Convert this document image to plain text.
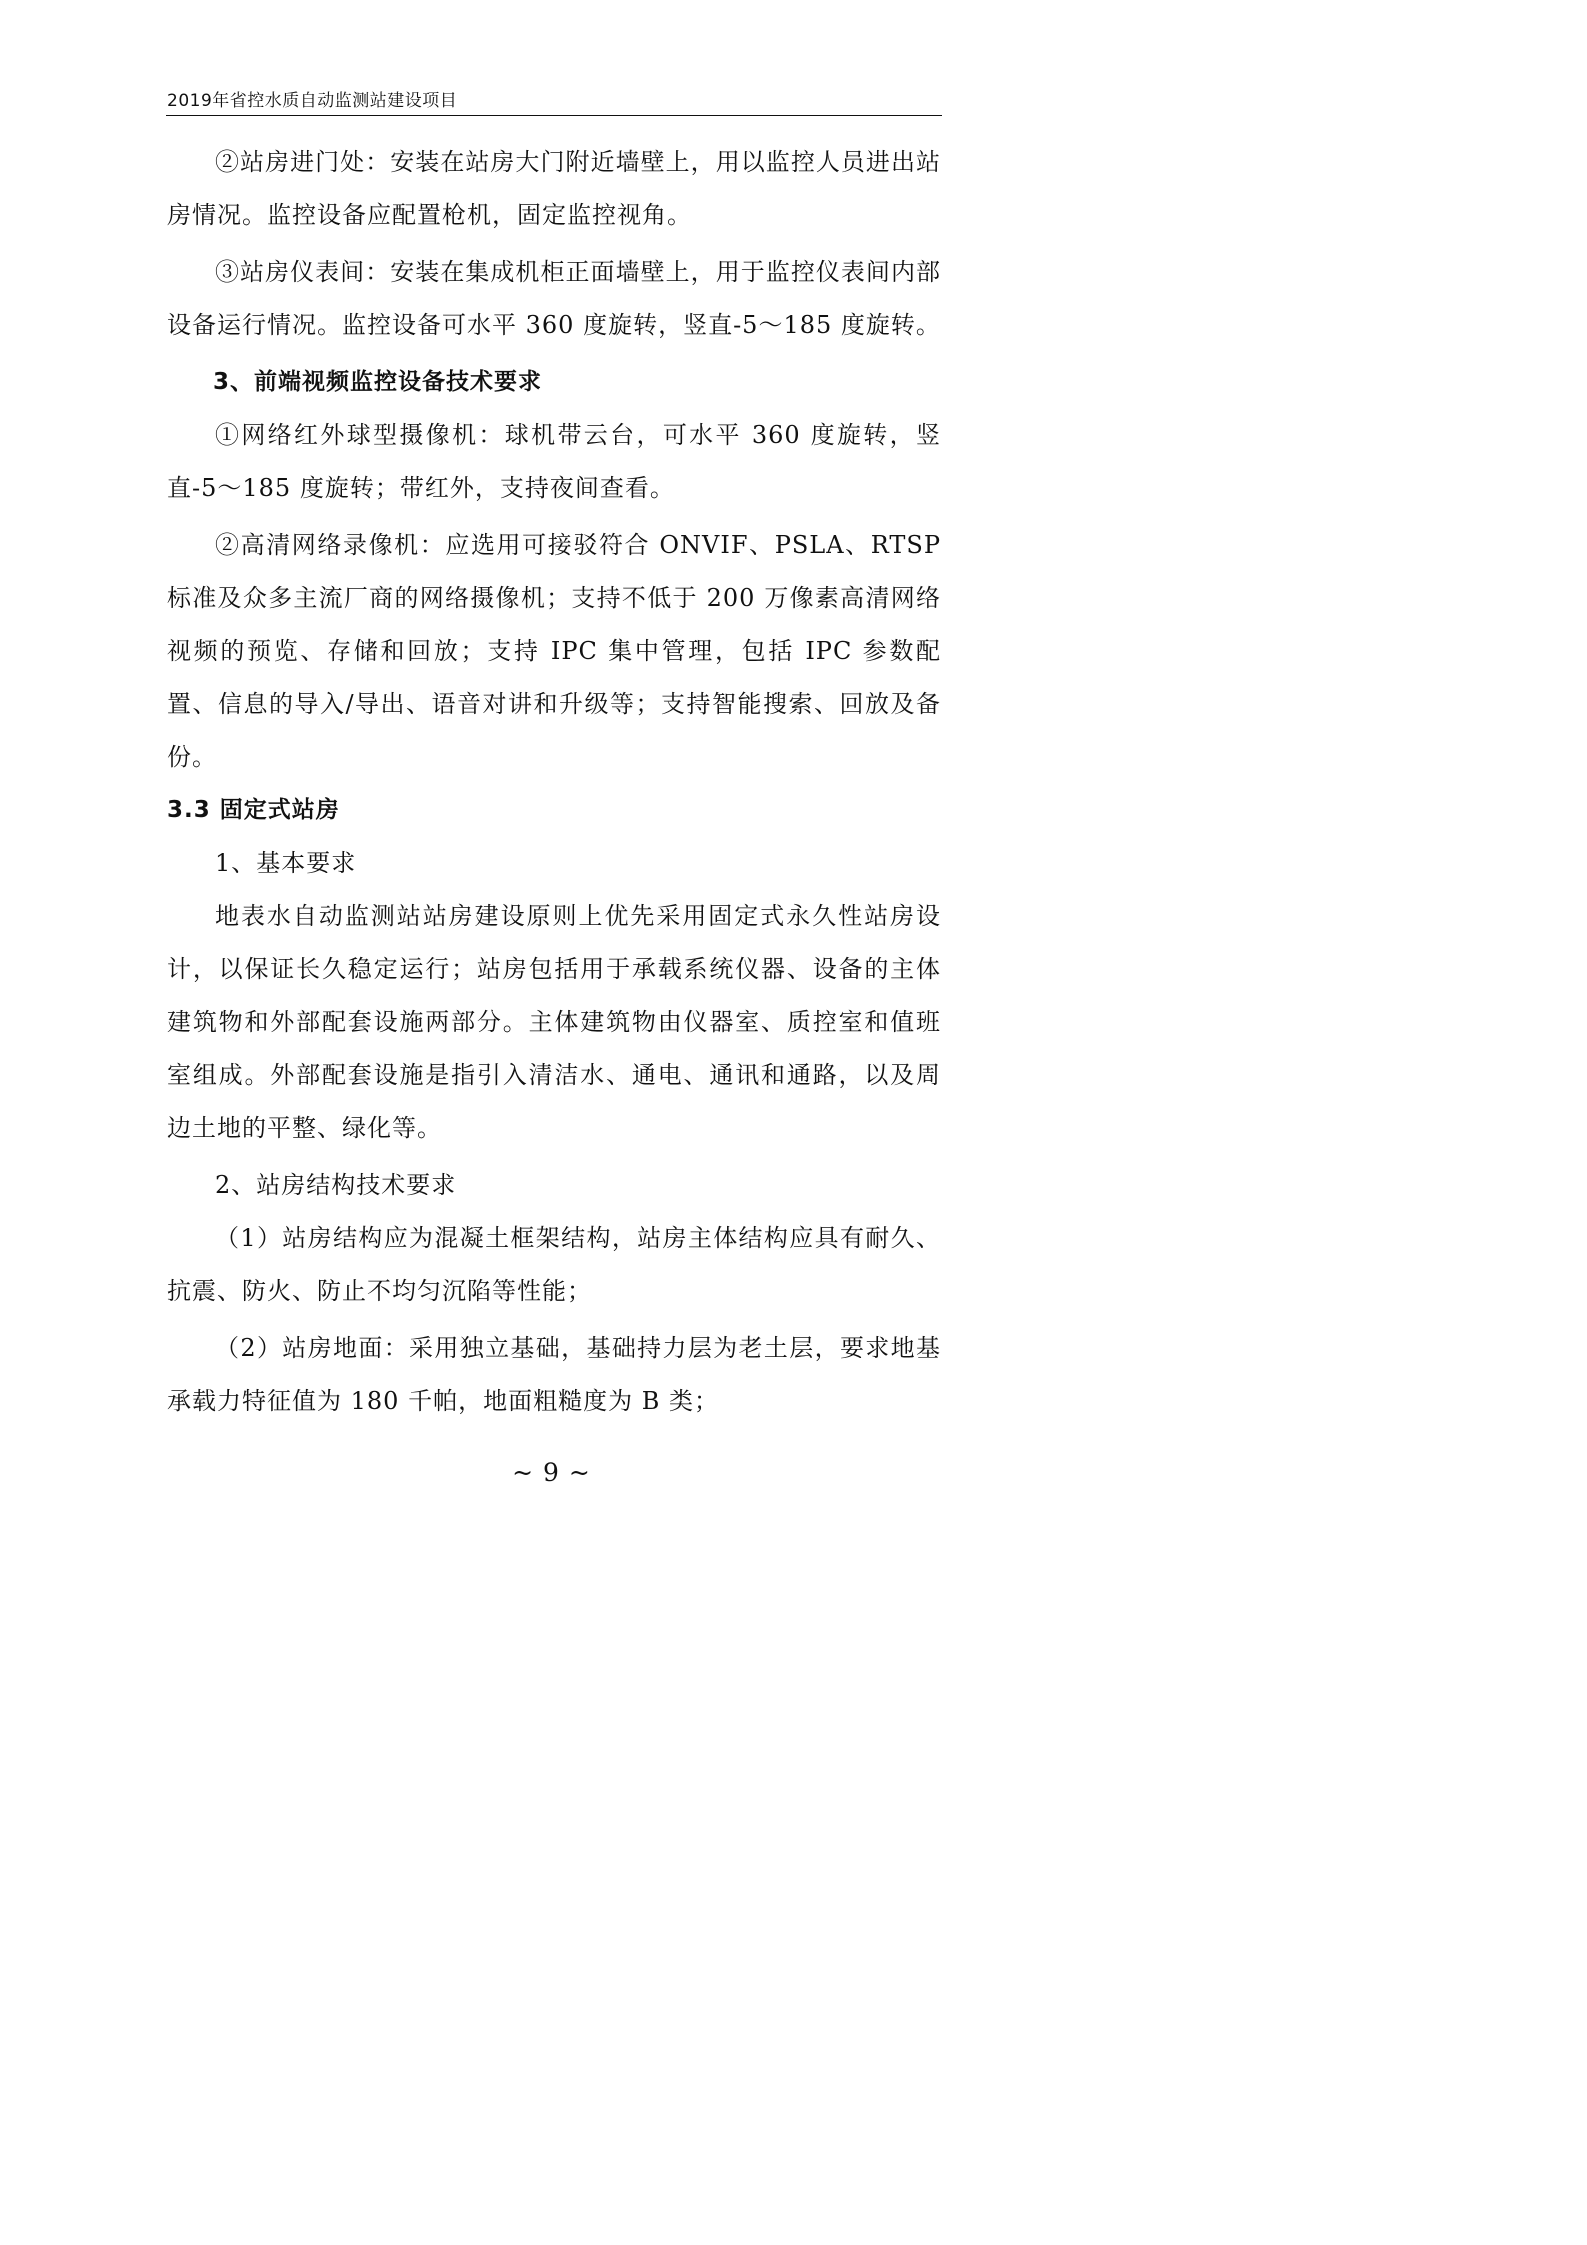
2019年省控水质自动监测站建设项目

②站房进门处：安装在站房大门附近墙壁上，用以监控人员进出站房情况。监控设备应配置枪机，固定监控视角。

③站房仪表间：安装在集成机柜正面墙壁上，用于监控仪表间内部设备运行情况。监控设备可水平 360 度旋转，竖直-5～185 度旋转。

3、前端视频监控设备技术要求

①网络红外球型摄像机：球机带云台，可水平 360 度旋转，竖直-5～185 度旋转；带红外，支持夜间查看。

②高清网络录像机：应选用可接驳符合 ONVIF、PSLA、RTSP 标准及众多主流厂商的网络摄像机；支持不低于 200 万像素高清网络视频的预览、存储和回放；支持 IPC 集中管理，包括 IPC 参数配置、信息的导入/导出、语音对讲和升级等；支持智能搜索、回放及备份。

3.3 固定式站房

1、基本要求

地表水自动监测站站房建设原则上优先采用固定式永久性站房设计，以保证长久稳定运行；站房包括用于承载系统仪器、设备的主体建筑物和外部配套设施两部分。主体建筑物由仪器室、质控室和值班室组成。外部配套设施是指引入清洁水、通电、通讯和通路，以及周边土地的平整、绿化等。

2、站房结构技术要求

（1）站房结构应为混凝土框架结构，站房主体结构应具有耐久、抗震、防火、防止不均匀沉陷等性能；

（2）站房地面：采用独立基础，基础持力层为老土层，要求地基承载力特征值为 180 千帕，地面粗糙度为 B 类；

~ 9 ~
